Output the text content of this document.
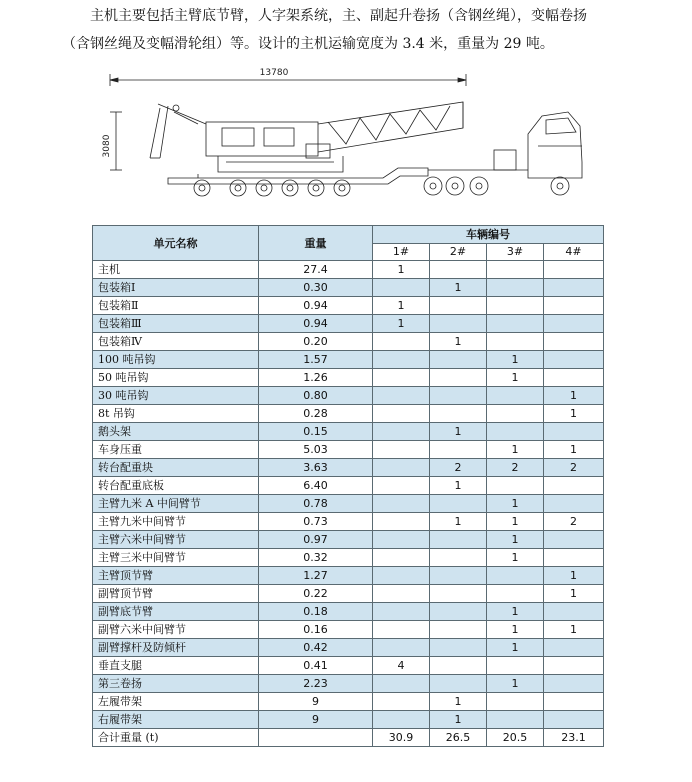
主机主要包括主臂底节臂，人字架系统，主、副起升卷扬（含钢丝绳），变幅卷扬

（含钢丝绳及变幅滑轮组）等。设计的主机运输宽度为 3.4 米，重量为 29 吨。

13780
3080
单元名称	重量	车辆编号			
		1#	2#	3#	4#
主机	27.4	1			
包装箱Ⅰ	0.30		1		
包装箱Ⅱ	0.94	1			
包装箱Ⅲ	0.94	1			
包装箱Ⅳ	0.20		1		
100 吨吊钩	1.57			1	
50 吨吊钩	1.26			1	
30 吨吊钩	0.80				1
8t 吊钩	0.28				1
鹅头架	0.15		1		
车身压重	5.03			1	1
转台配重块	3.63		2	2	2
转台配重底板	6.40		1		
主臂九米 A 中间臂节	0.78			1	
主臂九米中间臂节	0.73		1	1	2
主臂六米中间臂节	0.97			1	
主臂三米中间臂节	0.32			1	
主臂顶节臂	1.27				1
副臂顶节臂	0.22				1
副臂底节臂	0.18			1	
副臂六米中间臂节	0.16			1	1
副臂撑杆及防倾杆	0.42			1	
垂直支腿	0.41	4			
第三卷扬	2.23			1	
左履带架	9		1		
右履带架	9		1		
合计重量 (t)		30.9	26.5	20.5	23.1
